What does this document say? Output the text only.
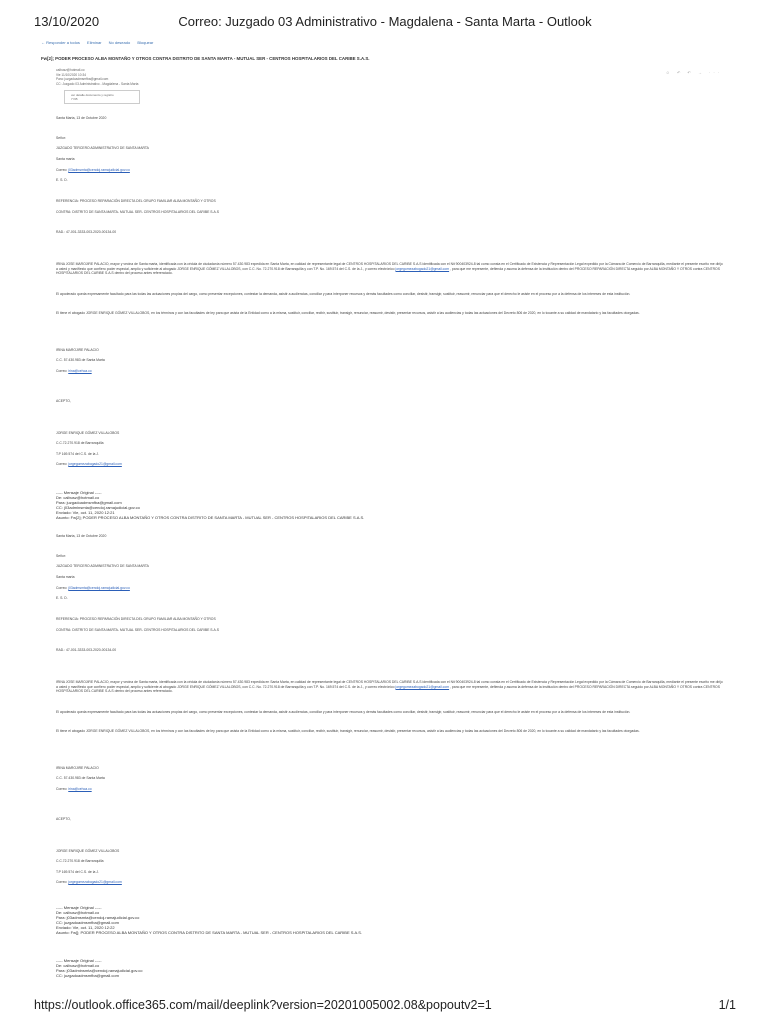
13/10/2020	Correo: Juzgado 03 Administrativo - Magdalena - Santa Marta - Outlook
← Responder a todos Eliminar No deseado Bloquear
Fw[2]; PODER PROCESO ALBA MONTAÑO Y OTROS CONTRA DISTRITO DE SANTA MARTA - MUTUAL SER - CENTROS HOSPITALARIOS DEL CARIBE S.A.S.
calbusz@hotmail.co
Vie 11/10/2020 10:34
Para: juzgadoadmsmfba@gmail.com
CC: Juzgado 03 Administrativo - Magdalena - Santa Marta
☺ ↶ ↶ → ···
ver detalle documento y registro
7 KB
Santa Marta, 13 de Octubre 2020
Señor:
JUZGADO TERCERO ADMINISTRATIVO DE SANTA MARTA
Santa marta
Correo: j03admsmta@cendoj.ramajudicial.gov.co
E. S. D.
REFERENCIA: PROCESO REPARACIÓN DIRECTA DEL GRUPO FAMILIAR ALBA MONTAÑO Y OTROS
CONTRA: DISTRITO DE SANTA MARTA- MUTUAL SER- CENTROS HOSPITALARIOS DEL CARIBE S.A.S
RAD.: 47-001-3333-003-2020-00134-00
IRINA JOSE MAROJIRE PALACIO, mayor y vecina de Santa marta, identificada con la cédula de ciudadanía número 57.430.983 expedida en Santa Marta, en calidad de representante legal de CENTROS HOSPITALARIOS DEL CARIBE S.A.S identificada con el Nit 900403924-8 tal como consta en el Certificado de Existencia y Representación Legal expedido por la Cámara de Comercio de Barranquilla, mediante el presente escrito me dirijo a usted y manifiesto que confiero poder especial, amplio y suficiente al abogado JORGE ENRIQUE GÓMEZ VILLALOBOS, con C.C. No. 72.270.918 de Barranquilla y con T.P. No. 169.574 del C.S. de la J., y correo electrónico jorgegomezabogado21@gmail.com , para que me represente, defienda y asuma la defensa de la institución dentro del PROCESO REPARACIÓN DIRECTA seguido por ALBA MONTAÑO Y OTROS contra CENTROS HOSPITALARIOS DEL CARIBE S.A.S dentro del proceso antes referenciado.
El apoderado queda expresamente facultado para las todas las actuaciones propias del cargo, como presentar excepciones, contestar la demanda, asistir a audiencias, conciliar y para interponer recursos y demás facultades como conciliar, desistir, transigir, sustituir, reasumir, renunciar para que el derecho le asiste en el proceso por a la defensa de los intereses de esta institución.
El tiene el abogado JORGE ENRIQUE GÓMEZ VILLALOBOS, en los términos y con las facultades de ley para que asista de la Entidad como a la misma, sustituir, conciliar, recibir, sustituir, transigir, renunciar, reasumir, desistir, presentar recursos, asistir a las audiencias y todas las actuaciones del Decreto 806 de 2020, en lo tocante a su calidad de mandatario y las facultades otorgadas.
IRINA MAROJIRE PALACIO
C.C. 57.430.983 de Santa Marta
Correo: irina@cehca.co
ACEPTO,
JORGE ENRIQUE GÓMEZ VILLALOBOS
C.C.72.270.918 de Barranquilla
T.P 169.574 del C.S. de la J.
Correo: jorgegomezabogado21@gmail.com
----- Mensaje Original -----
De: calbusz@hotmail.co
Para: juzgadoadmsmfba@gmail.com
CC: j03adminsmta@cendoj.ramajudicial.gov.co
Enviado: Vie, oct. 11, 2020 12:21
Asunto: Fw[2]; PODER PROCESO ALBA MONTAÑO Y OTROS CONTRA DISTRITO DE SANTA MARTA - MUTUAL SER - CENTROS HOSPITALARIOS DEL CARIBE S.A.S.
Santa Marta, 13 de Octubre 2020
Señor:
JUZGADO TERCERO ADMINISTRATIVO DE SANTA MARTA
Santa marta
Correo: j03admsmta@cendoj.ramajudicial.gov.co
E. S. D.
REFERENCIA: PROCESO REPARACIÓN DIRECTA DEL GRUPO FAMILIAR ALBA MONTAÑO Y OTROS
CONTRA: DISTRITO DE SANTA MARTA- MUTUAL SER- CENTROS HOSPITALARIOS DEL CARIBE S.A.S
RAD.: 47-001-3333-003-2020-00134-00
IRINA JOSE MAROJIRE PALACIO, mayor y vecina de Santa marta, identificada con la cédula de ciudadanía número 57.430.983 expedida en Santa Marta, en calidad de representante legal de CENTROS HOSPITALARIOS DEL CARIBE S.A.S identificada con el Nit 900403924-8 tal como consta en el Certificado de Existencia y Representación Legal expedido por la Cámara de Comercio de Barranquilla, mediante el presente escrito me dirijo a usted y manifiesto que confiero poder especial, amplio y suficiente al abogado JORGE ENRIQUE GÓMEZ VILLALOBOS, con C.C. No. 72.270.918 de Barranquilla y con T.P. No. 169.574 del C.S. de la J., y correo electrónico jorgegomezabogado21@gmail.com , para que me represente, defienda y asuma la defensa de la institución dentro del PROCESO REPARACIÓN DIRECTA seguido por ALBA MONTAÑO Y OTROS contra CENTROS HOSPITALARIOS DEL CARIBE S.A.S dentro del proceso antes referenciado.
El apoderado queda expresamente facultado para las todas las actuaciones propias del cargo, como presentar excepciones, contestar la demanda, asistir a audiencias, conciliar y para interponer recursos y demás facultades como conciliar, desistir, transigir, sustituir, reasumir, renunciar para que el derecho le asiste en el proceso por a la defensa de los intereses de esta institución.
El tiene el abogado JORGE ENRIQUE GÓMEZ VILLALOBOS, en los términos y con las facultades de ley para que asista de la Entidad como a la misma, sustituir, conciliar, recibir, sustituir, transigir, renunciar, reasumir, desistir, presentar recursos, asistir a las audiencias y todas las actuaciones del Decreto 806 de 2020, en lo tocante a su calidad de mandatario y las facultades otorgadas.
IRINA MAROJIRE PALACIO
C.C. 57.430.983 de Santa Marta
Correo: irina@cehca.co
ACEPTO,
JORGE ENRIQUE GÓMEZ VILLALOBOS
C.C.72.270.918 de Barranquilla
T.P 169.574 del C.S. de la J.
Correo: jorgegomezabogado21@gmail.com
----- Mensaje Original -----
De: calbusz@hotmail.co
Para: j03admsmta@cendoj.ramajudicial.gov.co
CC: juzgadoadmsmfba@gmail.com
Enviado: Vie, oct. 11, 2020 12:22
Asunto: Fw[]; PODER PROCESO ALBA MONTAÑO Y OTROS CONTRA DISTRITO DE SANTA MARTA - MUTUAL SER - CENTROS HOSPITALARIOS DEL CARIBE S.A.S.
----- Mensaje Original -----
De: calbusz@hotmail.co
Para: j03adminsmta@cendoj.ramajudicial.gov.co
CC: juzgadoadmsmfba@gmail.com
https://outlook.office365.com/mail/deeplink?version=20201005002.08&popoutv2=1	1/1
